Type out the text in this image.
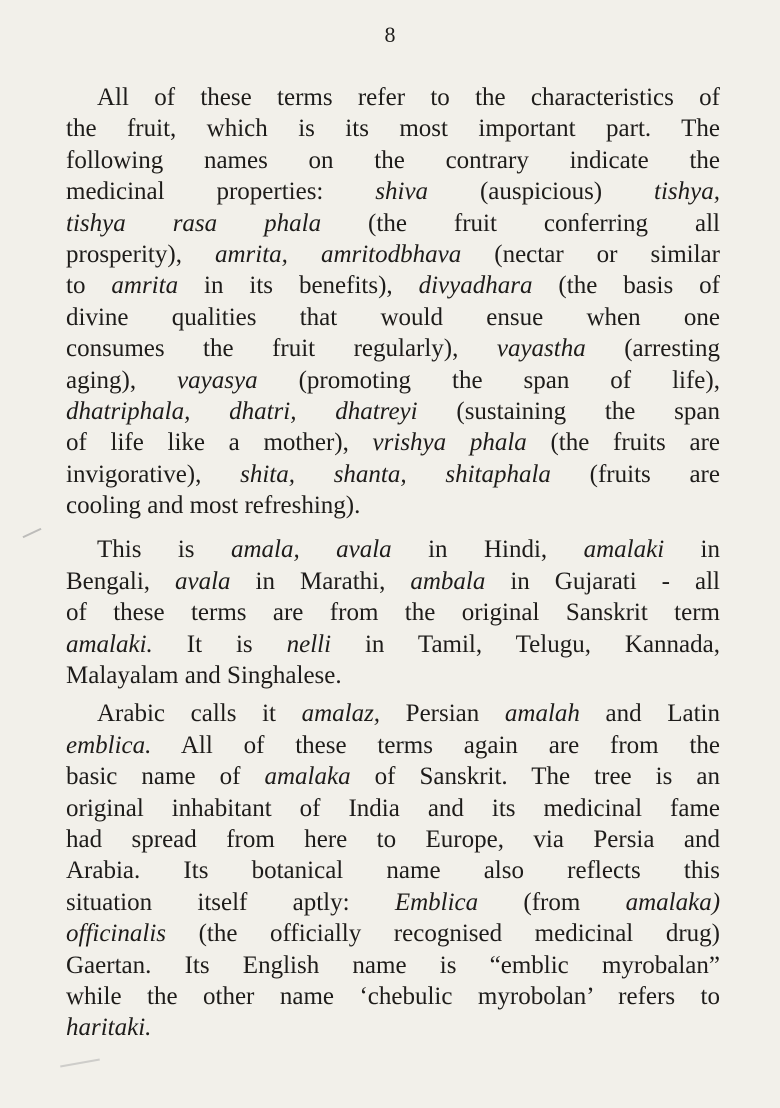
8
All of these terms refer to the characteristics of
the fruit, which is its most important part. The
following names on the contrary indicate the
medicinal properties: shiva (auspicious) tishya,
tishya rasa phala (the fruit conferring all
prosperity), amrita, amritodbhava (nectar or similar
to amrita in its benefits), divyadhara (the basis of
divine qualities that would ensue when one
consumes the fruit regularly), vayastha (arresting
aging), vayasya (promoting the span of life),
dhatriphala, dhatri, dhatreyi (sustaining the span
of life like a mother), vrishya phala (the fruits are
invigorative), shita, shanta, shitaphala (fruits are
cooling and most refreshing).
This is amala, avala in Hindi, amalaki in
Bengali, avala in Marathi, ambala in Gujarati - all
of these terms are from the original Sanskrit term
amalaki. It is nelli in Tamil, Telugu, Kannada,
Malayalam and Singhalese.
Arabic calls it amalaz, Persian amalah and Latin
emblica. All of these terms again are from the
basic name of amalaka of Sanskrit. The tree is an
original inhabitant of India and its medicinal fame
had spread from here to Europe, via Persia and
Arabia. Its botanical name also reflects this
situation itself aptly: Emblica (from amalaka)
officinalis (the officially recognised medicinal drug)
Gaertan. Its English name is “emblic myrobalan”
while the other name ‘chebulic myrobolan’ refers to
haritaki.
